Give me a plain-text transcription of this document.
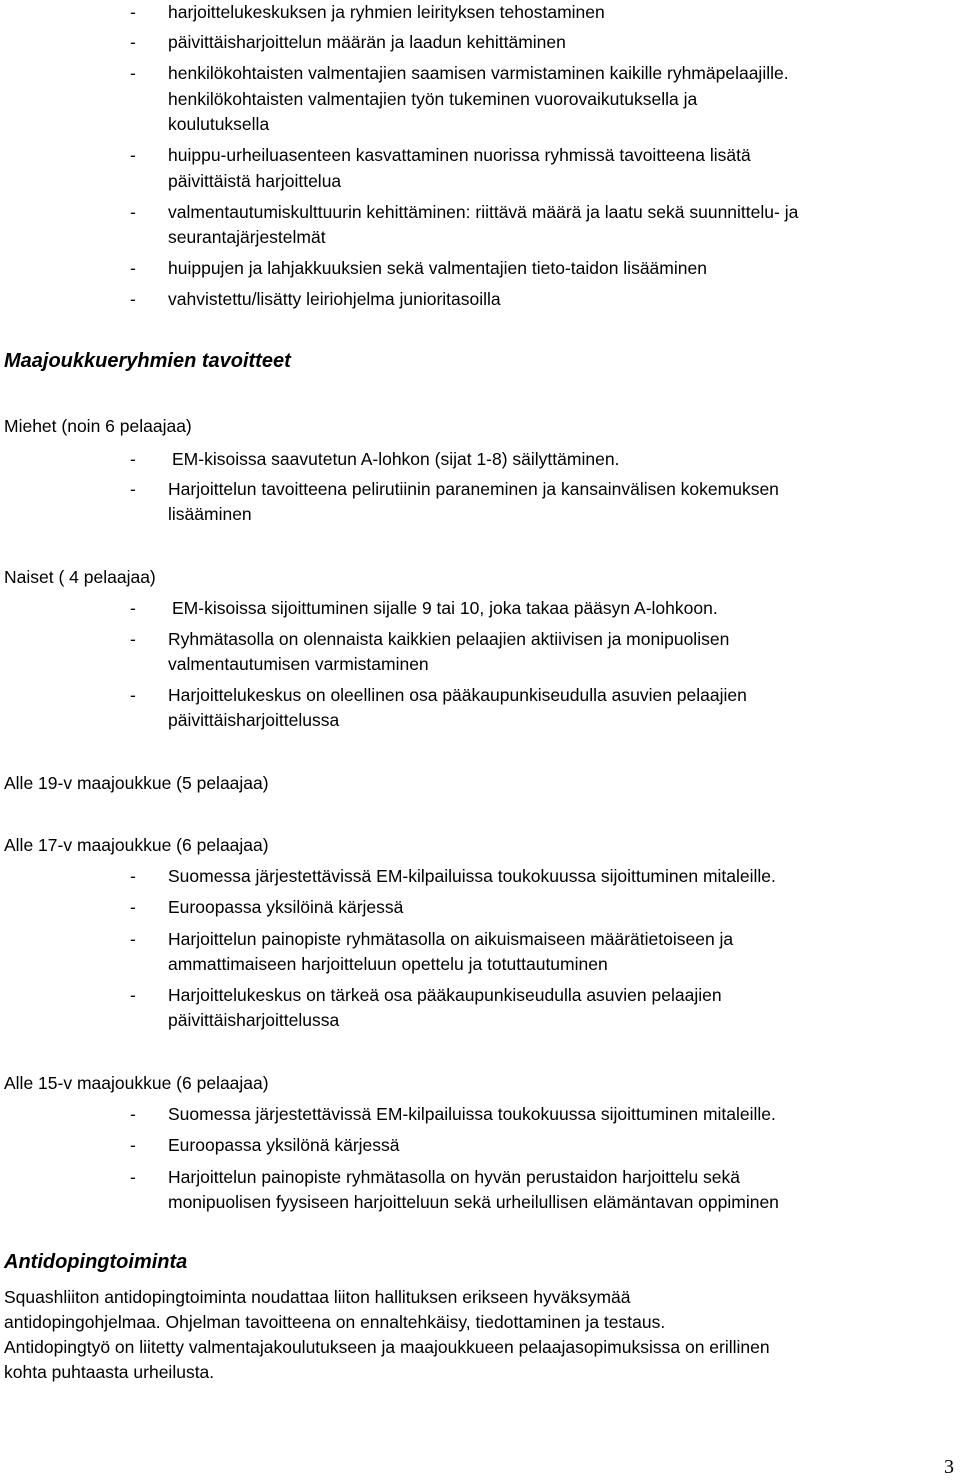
- harjoittelukeskuksen ja ryhmien leirityksen tehostaminen
- päivittäisharjoittelun määrän ja laadun kehittäminen
- henkilökohtaisten valmentajien saamisen varmistaminen kaikille ryhmäpelaajille.
henkilökohtaisten valmentajien työn tukeminen vuorovaikutuksella ja
koulutuksella
- huippu-urheiluasenteen kasvattaminen nuorissa ryhmissä tavoitteena lisätä
päivittäistä harjoittelua
- valmentautumiskulttuurin kehittäminen: riittävä määrä ja laatu sekä suunnittelu- ja
seurantajärjestelmät
- huippujen ja lahjakkuuksien sekä valmentajien tieto-taidon lisääminen
- vahvistettu/lisätty leiriohjelma junioritasoilla
Maajoukkueryhmien tavoitteet
Miehet (noin 6 pelaajaa)
- EM-kisoissa saavutetun A-lohkon (sijat 1-8) säilyttäminen.
- Harjoittelun tavoitteena pelirutiinin paraneminen ja kansainvälisen kokemuksen
lisääminen
Naiset ( 4 pelaajaa)
- EM-kisoissa sijoittuminen sijalle 9 tai 10, joka takaa pääsyn A-lohkoon.
- Ryhmätasolla on olennaista kaikkien pelaajien aktiivisen ja monipuolisen
valmentautumisen varmistaminen
- Harjoittelukeskus on oleellinen osa pääkaupunkiseudulla asuvien pelaajien
päivittäisharjoittelussa
Alle 19-v maajoukkue (5 pelaajaa)
Alle 17-v maajoukkue (6 pelaajaa)
- Suomessa järjestettävissä EM-kilpailuissa toukokuussa sijoittuminen mitaleille.
- Euroopassa yksilöinä kärjessä
- Harjoittelun painopiste ryhmätasolla on aikuismaiseen määrätietoiseen ja
ammattimaiseen harjoitteluun opettelu ja totuttautuminen
- Harjoittelukeskus on tärkeä osa pääkaupunkiseudulla asuvien pelaajien
päivittäisharjoittelussa
Alle 15-v maajoukkue (6 pelaajaa)
- Suomessa järjestettävissä EM-kilpailuissa toukokuussa sijoittuminen mitaleille.
- Euroopassa yksilönä kärjessä
- Harjoittelun painopiste ryhmätasolla on hyvän perustaidon harjoittelu sekä
monipuolisen fyysiseen harjoitteluun sekä urheilullisen elämäntavan oppiminen
Antidopingtoiminta
Squashliiton antidopingtoiminta noudattaa liiton hallituksen erikseen hyväksymää
antidopingohjelmaa. Ohjelman tavoitteena on ennaltehkäisy, tiedottaminen ja testaus.
Antidopingtyö on liitetty valmentajakoulutukseen ja maajoukkueen pelaajasopimuksissa on erillinen
kohta puhtaasta urheilusta.
3
